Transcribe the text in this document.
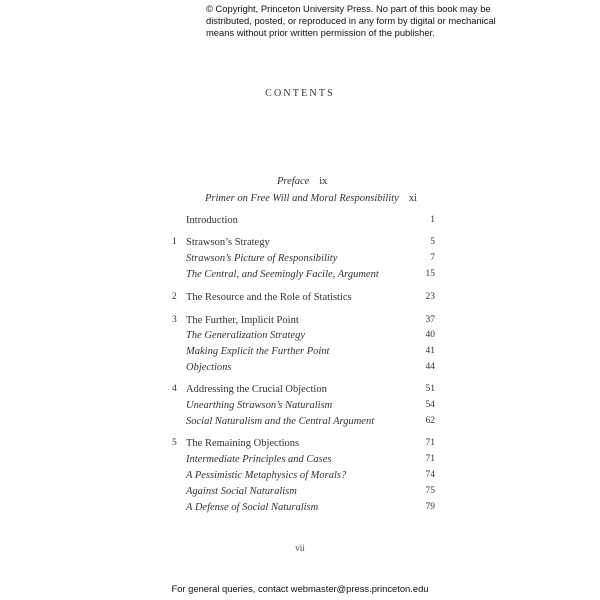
© Copyright, Princeton University Press. No part of this book may be
distributed, posted, or reproduced in any form by digital or mechanical
means without prior written permission of the publisher.
CONTENTS
Preface ix
Primer on Free Will and Moral Responsibility xi
Introduction	1
1 Strawson’s Strategy	5
Strawson’s Picture of Responsibility	7
The Central, and Seemingly Facile, Argument	15
2 The Resource and the Role of Statistics	23
3 The Further, Implicit Point	37
The Generalization Strategy	40
Making Explicit the Further Point	41
Objections	44
4 Addressing the Crucial Objection	51
Unearthing Strawson’s Naturalism	54
Social Naturalism and the Central Argument	62
5 The Remaining Objections	71
Intermediate Principles and Cases	71
A Pessimistic Metaphysics of Morals?	74
Against Social Naturalism	75
A Defense of Social Naturalism	79
vii
For general queries, contact webmaster@press.princeton.edu
